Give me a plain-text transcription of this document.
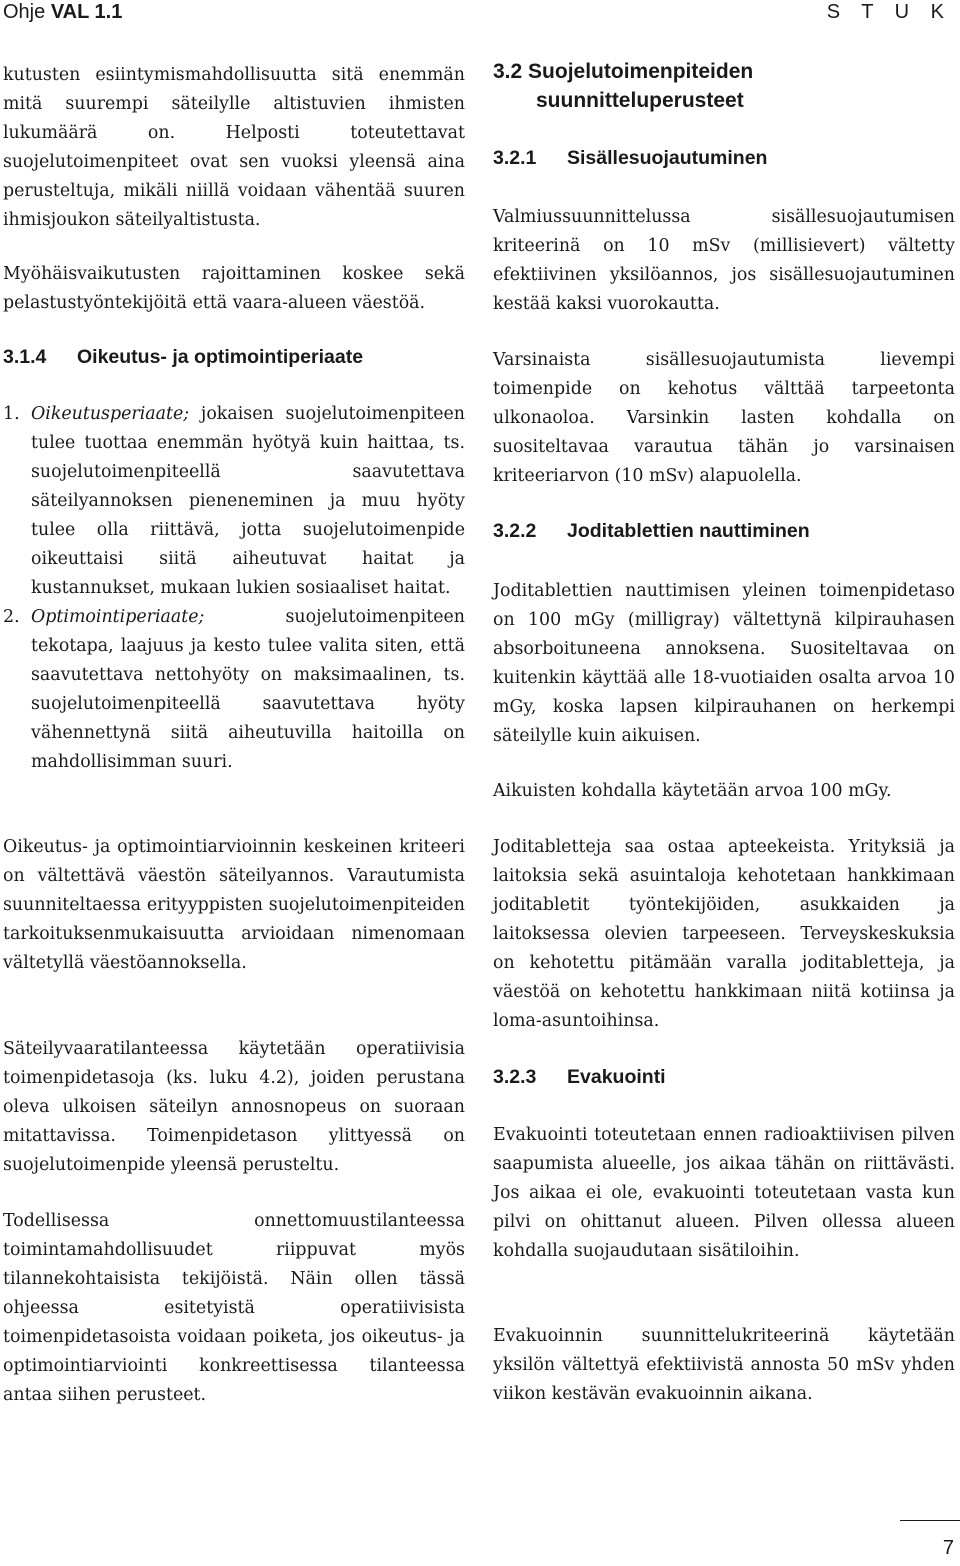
Ohje VAL 1.1	S T U K

kutusten esiintymismahdollisuutta sitä enemmän mitä suurempi säteilylle altistuvien ihmisten lukumäärä on. Helposti toteutettavat suojelutoimenpiteet ovat sen vuoksi yleensä aina perusteltuja, mikäli niillä voidaan vähentää suuren ihmisjoukon säteilyaltistusta.

Myöhäisvaikutusten rajoittaminen koskee sekä pelastustyöntekijöitä että vaara-alueen väestöä.

3.1.4 Oikeutus- ja optimointiperiaate
1. Oikeutusperiaate; jokaisen suojelutoimenpiteen tulee tuottaa enemmän hyötyä kuin haittaa, ts. suojelutoimenpiteellä saavutettava säteilyannoksen pieneneminen ja muu hyöty tulee olla riittävä, jotta suojelutoimenpide oikeuttaisi siitä aiheutuvat haitat ja kustannukset, mukaan lukien sosiaaliset haitat.

2. Optimointiperiaate; suojelutoimenpiteen tekotapa, laajuus ja kesto tulee valita siten, että saavutettava nettohyöty on maksimaalinen, ts. suojelutoimenpiteellä saavutettava hyöty vähennettynä siitä aiheutuvilla haitoilla on mahdollisimman suuri.

Oikeutus- ja optimointiarvioinnin keskeinen kriteeri on vältettävä väestön säteilyannos. Varautumista suunniteltaessa erityyppisten suojelutoimenpiteiden tarkoituksenmukaisuutta arvioidaan nimenomaan vältetyllä väestöannoksella.

Säteilyvaaratilanteessa käytetään operatiivisia toimenpidetasoja (ks. luku 4.2), joiden perustana oleva ulkoisen säteilyn annosnopeus on suoraan mitattavissa. Toimenpidetason ylittyessä on suojelutoimenpide yleensä perusteltu.

Todellisessa onnettomuustilanteessa toimintamahdollisuudet riippuvat myös tilannekohtaisista tekijöistä. Näin ollen tässä ohjeessa esitetyistä operatiivisista toimenpidetasoista voidaan poiketa, jos oikeutus- ja optimointiarviointi konkreettisessa tilanteessa antaa siihen perusteet.

3.2 Suojelutoimenpiteiden
suunnitteluperusteet
3.2.1 Sisällesuojautuminen

Valmiussuunnittelussa sisällesuojautumisen kriteerinä on 10 mSv (millisievert) vältetty efektiivinen yksilöannos, jos sisällesuojautuminen kestää kaksi vuorokautta.

Varsinaista sisällesuojautumista lievempi toimenpide on kehotus välttää tarpeetonta ulkonaoloa. Varsinkin lasten kohdalla on suositeltavaa varautua tähän jo varsinaisen kriteeriarvon (10 mSv) alapuolella.

3.2.2 Joditablettien nauttiminen

Joditablettien nauttimisen yleinen toimenpidetaso on 100 mGy (milligray) vältettynä kilpirauhasen absorboituneena annoksena. Suositeltavaa on kuitenkin käyttää alle 18-vuotiaiden osalta arvoa 10 mGy, koska lapsen kilpirauhanen on herkempi säteilylle kuin aikuisen.

Aikuisten kohdalla käytetään arvoa 100 mGy.

Joditabletteja saa ostaa apteekeista. Yrityksiä ja laitoksia sekä asuintaloja kehotetaan hankkimaan joditabletit työntekijöiden, asukkaiden ja laitoksessa olevien tarpeeseen. Terveyskeskuksia on kehotettu pitämään varalla joditabletteja, ja väestöä on kehotettu hankkimaan niitä kotiinsa ja loma-asuntoihinsa.

3.2.3 Evakuointi

Evakuointi toteutetaan ennen radioaktiivisen pilven saapumista alueelle, jos aikaa tähän on riittävästi. Jos aikaa ei ole, evakuointi toteutetaan vasta kun pilvi on ohittanut alueen. Pilven ollessa alueen kohdalla suojaudutaan sisätiloihin.

Evakuoinnin suunnittelukriteerinä käytetään yksilön vältettyä efektiivistä annosta 50 mSv yhden viikon kestävän evakuoinnin aikana.

7
